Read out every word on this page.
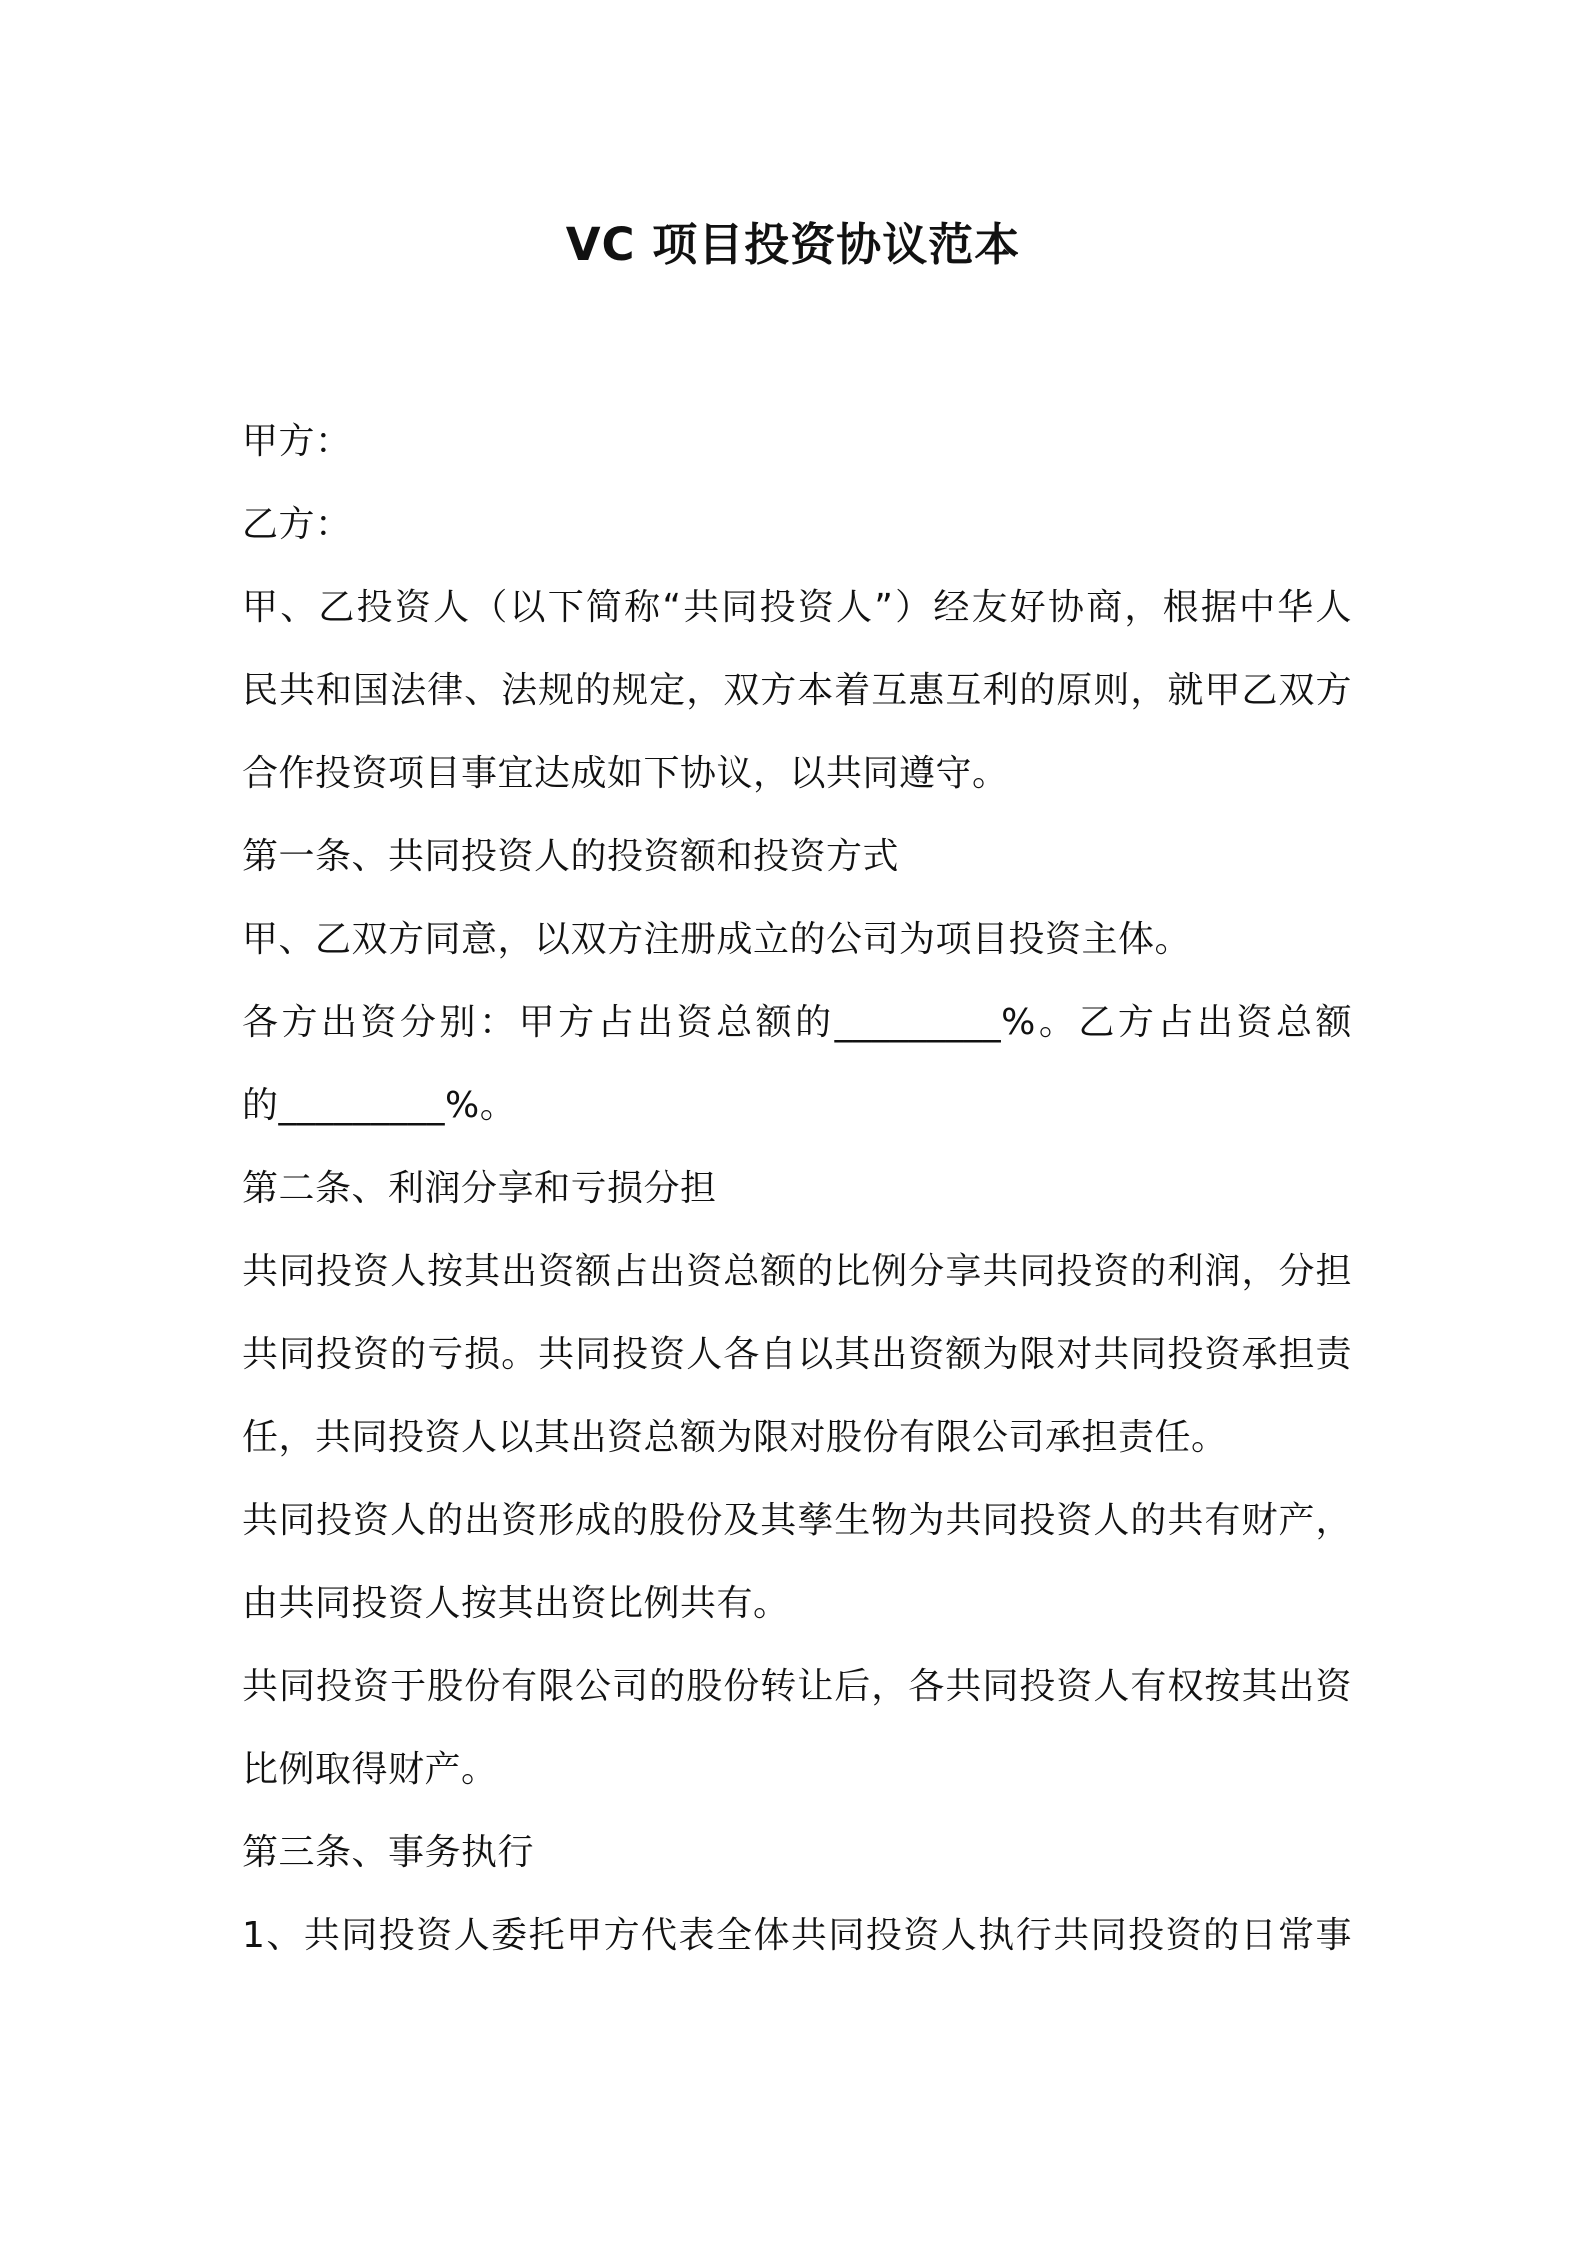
VC 项目投资协议范本

甲方：

乙方：

甲、乙投资人（以下简称“共同投资人”）经友好协商，根据中华人

民共和国法律、法规的规定，双方本着互惠互利的原则，就甲乙双方

合作投资项目事宜达成如下协议，以共同遵守。

第一条、共同投资人的投资额和投资方式

甲、乙双方同意，以双方注册成立的公司为项目投资主体。

各方出资分别：甲方占出资总额的_________%。乙方占出资总额

的_________%。

第二条、利润分享和亏损分担

共同投资人按其出资额占出资总额的比例分享共同投资的利润，分担

共同投资的亏损。共同投资人各自以其出资额为限对共同投资承担责

任，共同投资人以其出资总额为限对股份有限公司承担责任。

共同投资人的出资形成的股份及其孳生物为共同投资人的共有财产，

由共同投资人按其出资比例共有。

共同投资于股份有限公司的股份转让后，各共同投资人有权按其出资

比例取得财产。

第三条、事务执行

1、共同投资人委托甲方代表全体共同投资人执行共同投资的日常事
